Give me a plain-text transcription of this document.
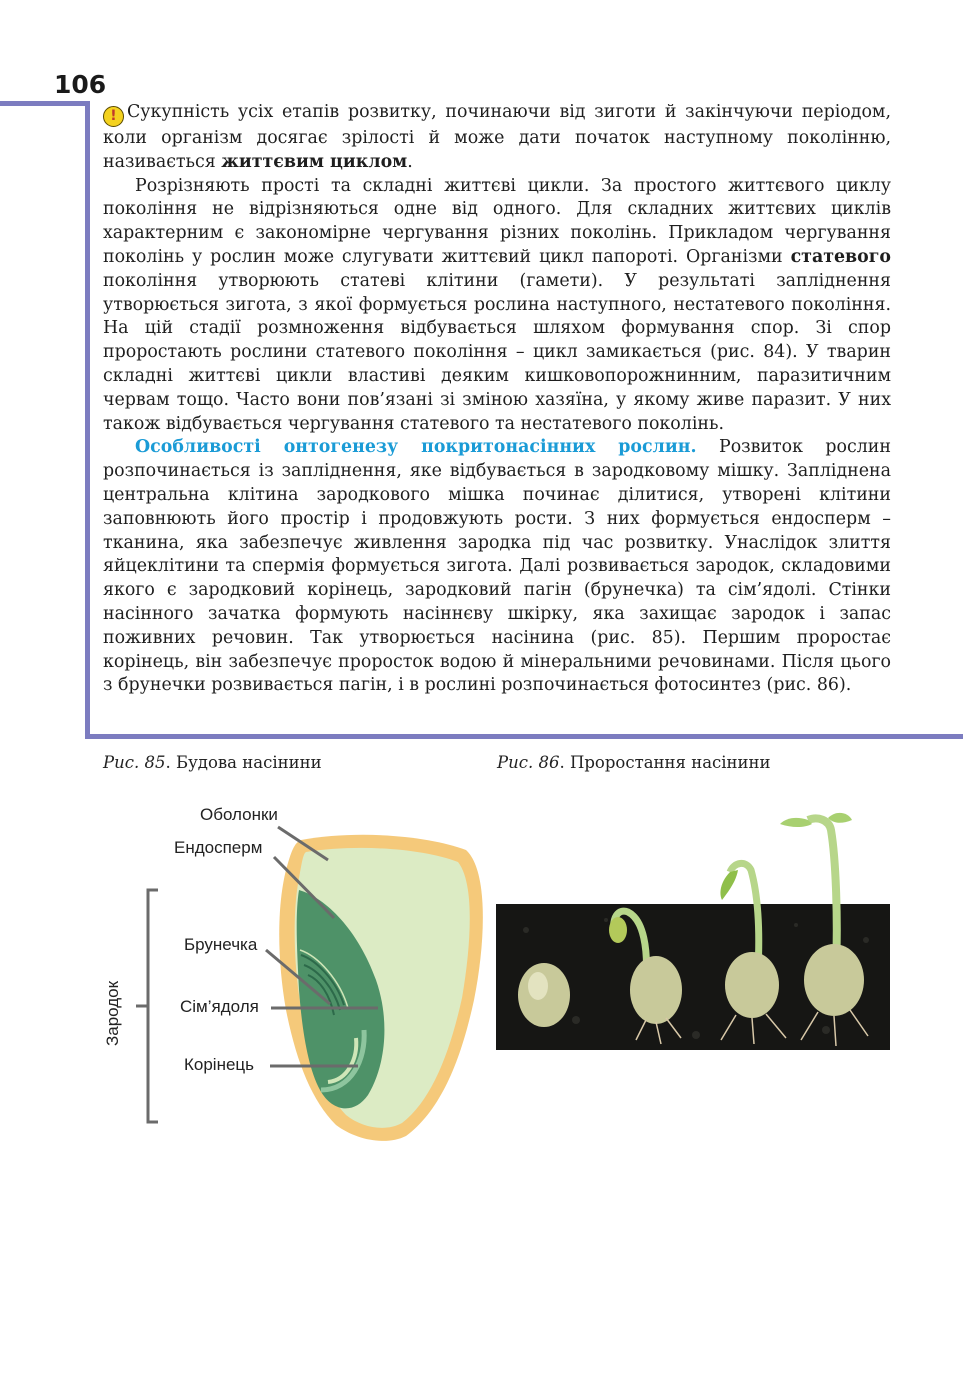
106

! Сукупність усіх етапів розвитку, починаючи від зиготи й закінчуючи періодом, коли організм досягає зрілості й може дати початок наступному поколінню, називається життєвим циклом.

Розрізняють прості та складні життєві цикли. За простого життєвого циклу покоління не відрізняються одне від одного. Для складних життєвих циклів характерним є закономірне чергування різних поколінь. Прикладом чергування поколінь у рослин може слугувати життєвий цикл папороті. Організми статевого покоління утворюють статеві клітини (гамети). У результаті запліднення утворюється зигота, з якої формується рослина наступного, нестатевого покоління. На цій стадії розмноження відбувається шляхом формування спор. Зі спор проростають рослини статевого покоління – цикл замикається (рис. 84). У тварин складні життєві цикли властиві деяким кишковопорожнинним, паразитичним червам тощо. Часто вони пов’язані зі зміною хазяїна, у якому живе паразит. У них також відбувається чергування статевого та нестатевого поколінь.

Особливості онтогенезу покритонасінних рослин. Розвиток рослин розпочинається із запліднення, яке відбувається в зародковому мішку. Запліднена центральна клітина зародкового мішка починає ділитися, утворені клітини заповнюють його простір і продовжують рости. З них формується ендосперм – тканина, яка забезпечує живлення зародка під час розвитку. Унаслідок злиття яйцеклітини та спермія формується зигота. Далі розвивається зародок, складовими якого є зародковий корінець, зародковий пагін (брунечка) та сім’ядолі. Стінки насінного зачатка формують насіннєву шкірку, яка захищає зародок і запас поживних речовин. Так утворюється насінина (рис. 85). Першим проростає корінець, він забезпечує проросток водою й мінеральними речовинами. Після цього з брунечки розвивається пагін, і в рослині розпочинається фотосинтез (рис. 86).

Рис. 85. Будова насінини	Рис. 86. Проростання насінини
Оболонки
Ендосперм
Брунечка
Сім’ядоля
Корінець
Зародок
